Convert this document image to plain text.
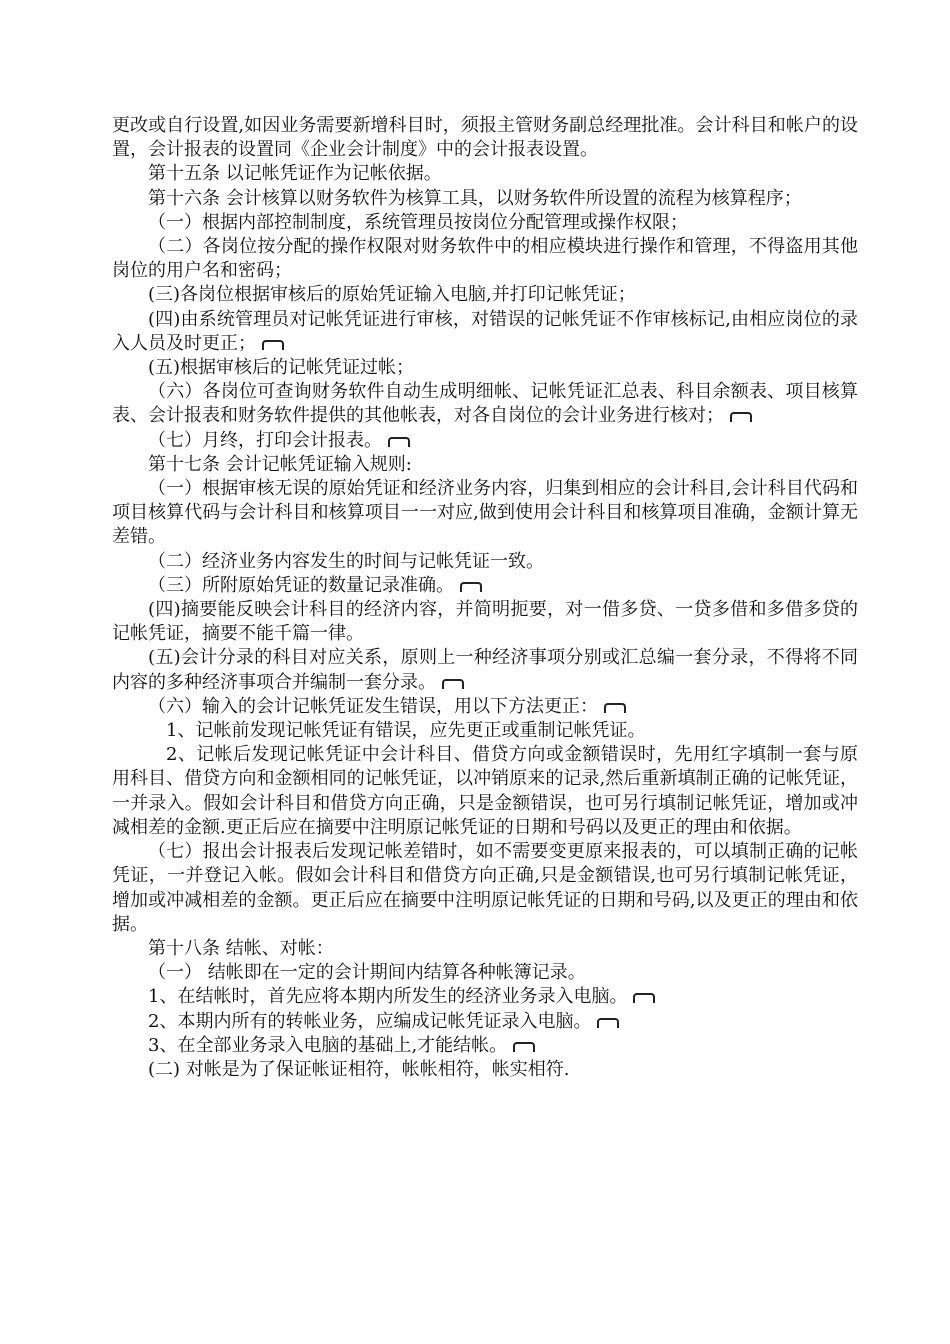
更改或自行设置,如因业务需要新增科目时，须报主管财务副总经理批准。会计科目和帐户的设置，会计报表的设置同《企业会计制度》中的会计报表设置。

第十五条 以记帐凭证作为记帐依据。

第十六条 会计核算以财务软件为核算工具，以财务软件所设置的流程为核算程序；

（一）根据内部控制制度，系统管理员按岗位分配管理或操作权限；

（二）各岗位按分配的操作权限对财务软件中的相应模块进行操作和管理，不得盗用其他岗位的用户名和密码；

(三)各岗位根据审核后的原始凭证输入电脑,并打印记帐凭证；

(四)由系统管理员对记帐凭证进行审核，对错误的记帐凭证不作审核标记,由相应岗位的录入人员及时更正；

(五)根据审核后的记帐凭证过帐；

（六）各岗位可查询财务软件自动生成明细帐、记帐凭证汇总表、科目余额表、项目核算表、会计报表和财务软件提供的其他帐表，对各自岗位的会计业务进行核对；

（七）月终，打印会计报表。

第十七条 会计记帐凭证输入规则:

（一）根据审核无误的原始凭证和经济业务内容，归集到相应的会计科目,会计科目代码和项目核算代码与会计科目和核算项目一一对应,做到使用会计科目和核算项目准确，金额计算无差错。

（二）经济业务内容发生的时间与记帐凭证一致。

（三）所附原始凭证的数量记录准确。

(四)摘要能反映会计科目的经济内容，并简明扼要，对一借多贷、一贷多借和多借多贷的记帐凭证，摘要不能千篇一律。

(五)会计分录的科目对应关系，原则上一种经济事项分别或汇总编一套分录，不得将不同内容的多种经济事项合并编制一套分录。

（六）输入的会计记帐凭证发生错误，用以下方法更正：

1、记帐前发现记帐凭证有错误，应先更正或重制记帐凭证。

2、记帐后发现记帐凭证中会计科目、借贷方向或金额错误时，先用红字填制一套与原用科目、借贷方向和金额相同的记帐凭证，以冲销原来的记录,然后重新填制正确的记帐凭证，一并录入。假如会计科目和借贷方向正确，只是金额错误，也可另行填制记帐凭证，增加或冲减相差的金额.更正后应在摘要中注明原记帐凭证的日期和号码以及更正的理由和依据。

（七）报出会计报表后发现记帐差错时，如不需要变更原来报表的，可以填制正确的记帐凭证，一并登记入帐。假如会计科目和借贷方向正确,只是金额错误,也可另行填制记帐凭证，增加或冲减相差的金额。更正后应在摘要中注明原记帐凭证的日期和号码,以及更正的理由和依据。

第十八条 结帐、对帐：

（一） 结帐即在一定的会计期间内结算各种帐簿记录。

1、在结帐时，首先应将本期内所发生的经济业务录入电脑。

2、本期内所有的转帐业务，应编成记帐凭证录入电脑。

3、在全部业务录入电脑的基础上,才能结帐。

(二) 对帐是为了保证帐证相符，帐帐相符，帐实相符.
